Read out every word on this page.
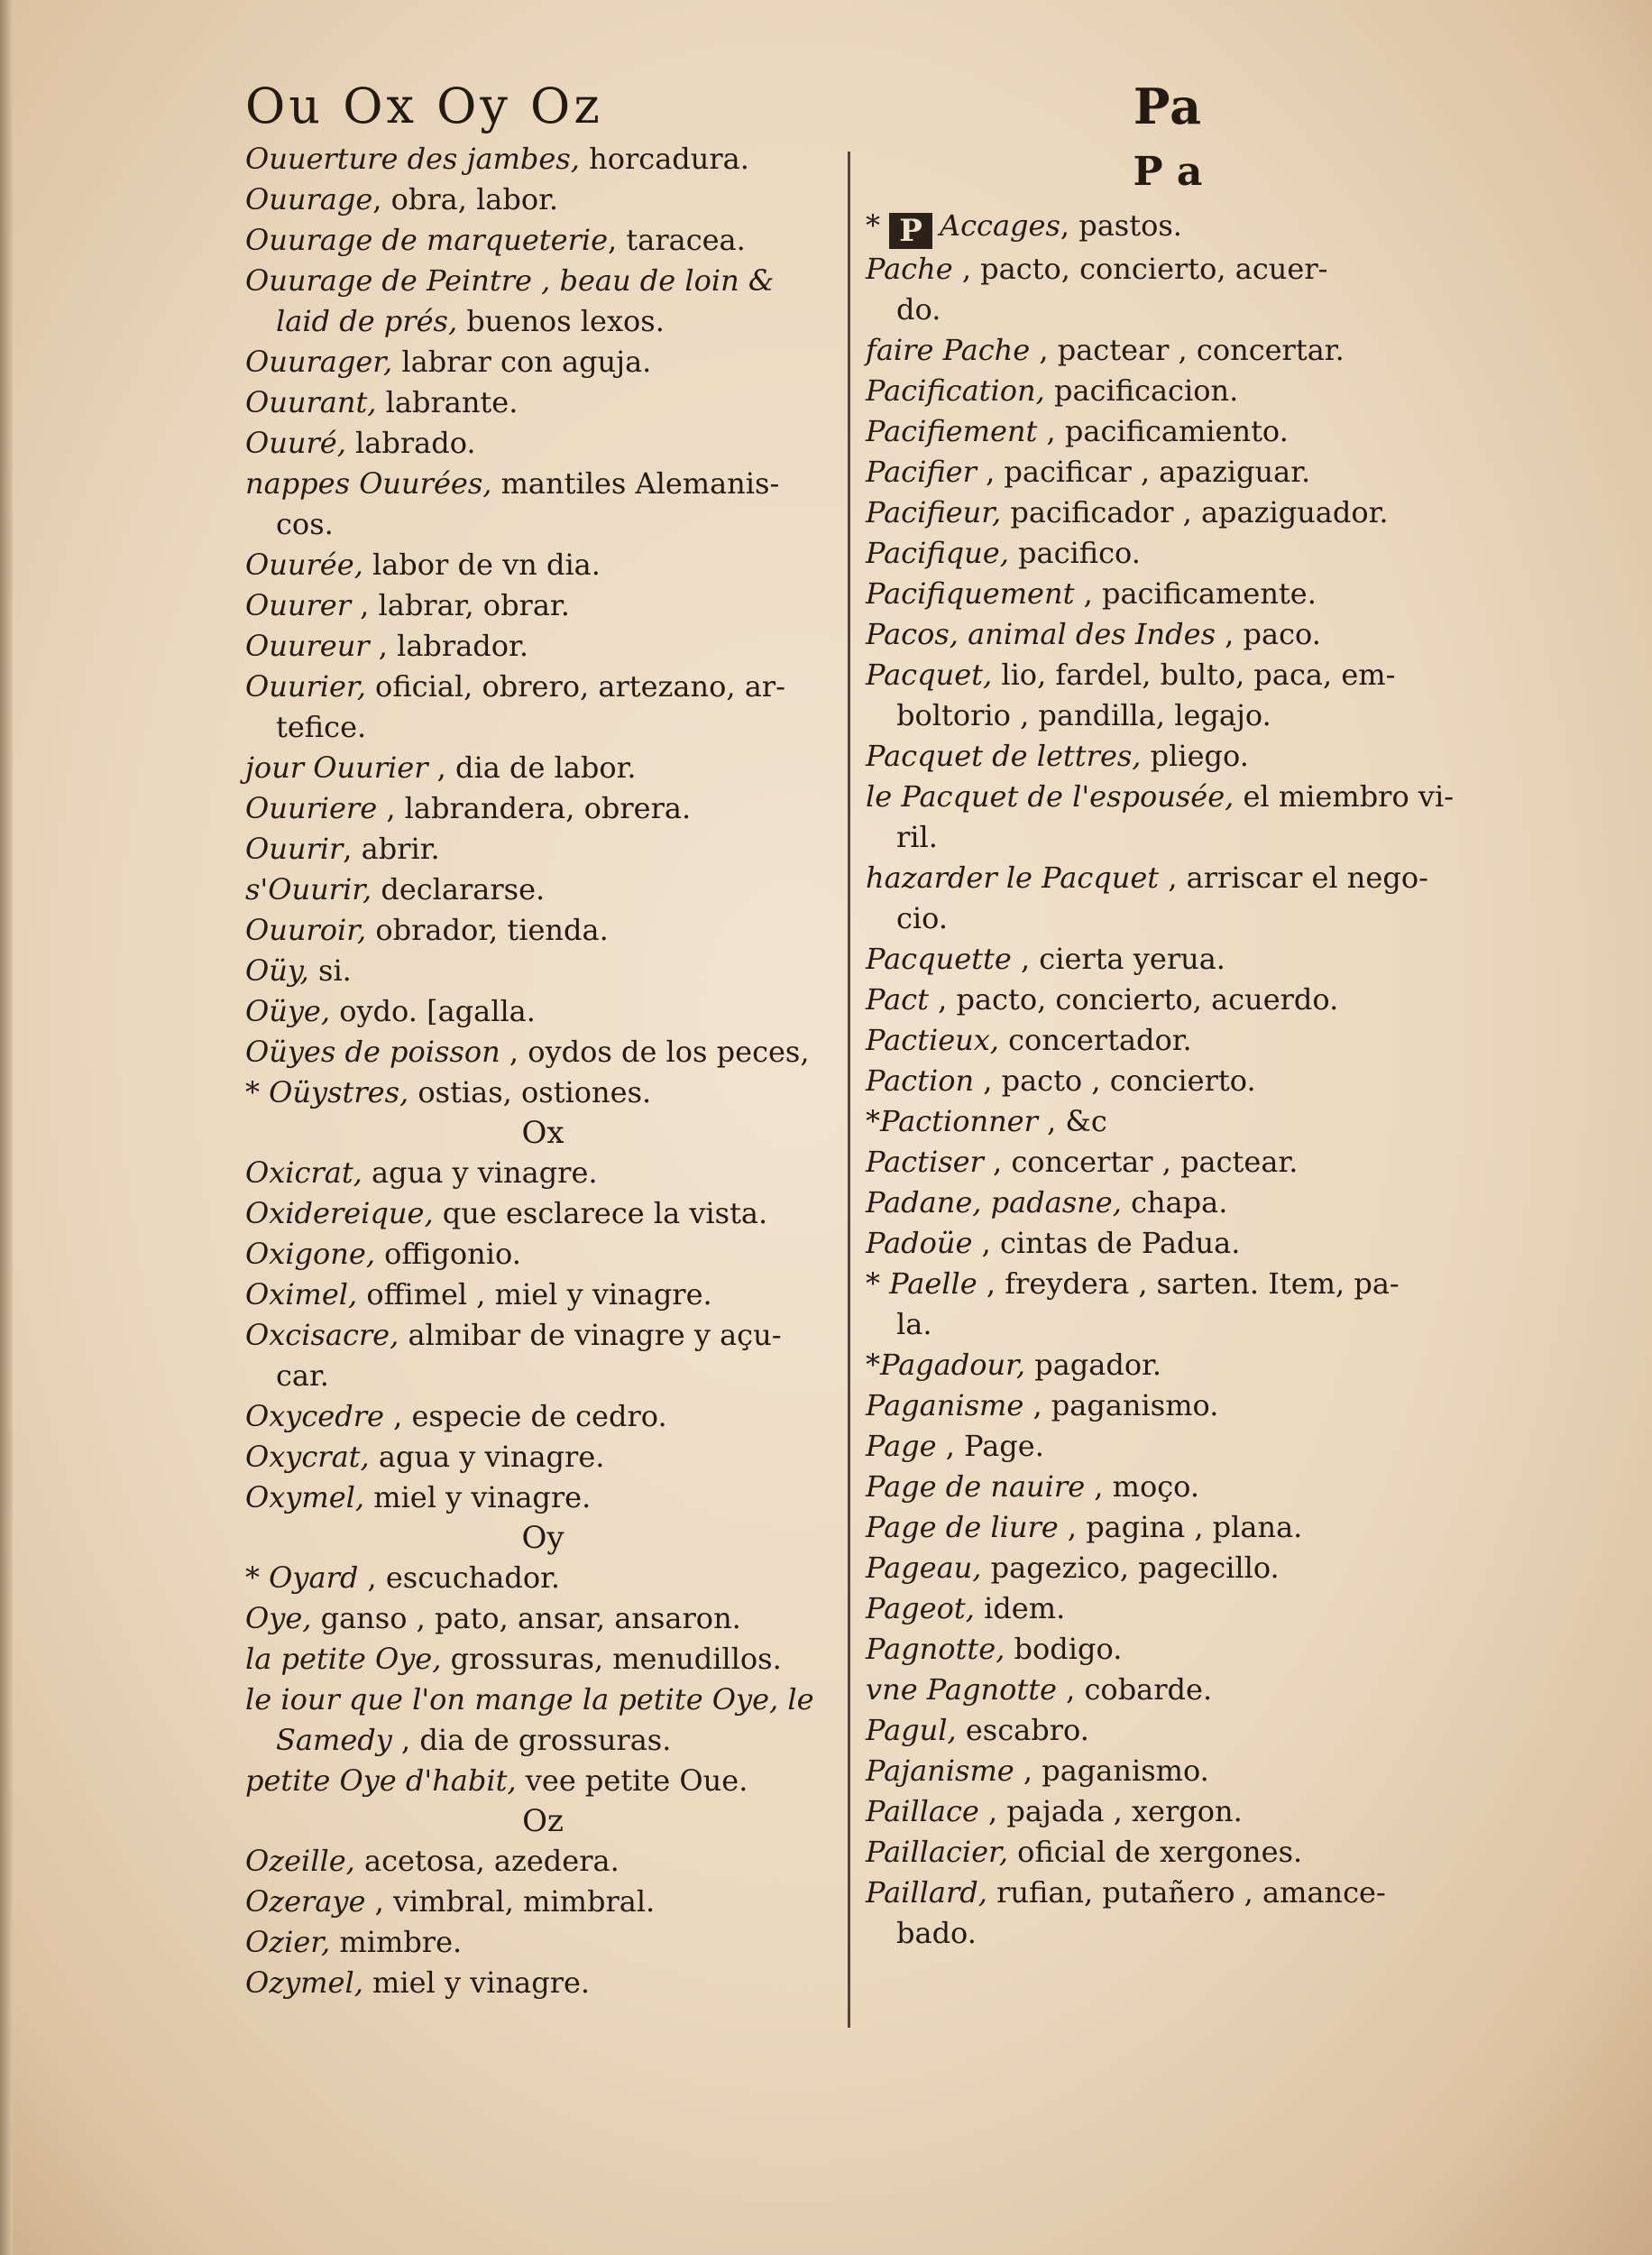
Ou Ox Oy Oz
Ouuerture des jambes, horcadura.
Ouurage, obra, labor.
Ouurage de marqueterie, taracea.
Ouurage de Peintre , beau de loin &
laid de prés, buenos lexos.
Ouurager, labrar con aguja.
Ouurant, labrante.
Ouuré, labrado.
nappes Ouurées, mantiles Alemanis-
cos.
Ouurée, labor de vn dia.
Ouurer , labrar, obrar.
Ouureur , labrador.
Ouurier, oficial, obrero, artezano, ar-
tefice.
jour Ouurier , dia de labor.
Ouuriere , labrandera, obrera.
Ouurir, abrir.
s'Ouurir, declararse.
Ouuroir, obrador, tienda.
Oüy, si.
Oüye, oydo. [agalla.
Oüyes de poisson , oydos de los peces,
* Oüystres, ostias, ostiones.
Ox
Oxicrat, agua y vinagre.
Oxidereique, que esclarece la vista.
Oxigone, offigonio.
Oximel, offimel , miel y vinagre.
Oxcisacre, almibar de vinagre y açu-
car.
Oxycedre , especie de cedro.
Oxycrat, agua y vinagre.
Oxymel, miel y vinagre.
Oy
* Oyard , escuchador.
Oye, ganso , pato, ansar, ansaron.
la petite Oye, grossuras, menudillos.
le iour que l'on mange la petite Oye, le
Samedy , dia de grossuras.
petite Oye d'habit, vee petite Oue.
Oz
Ozeille, acetosa, azedera.
Ozeraye , vimbral, mimbral.
Ozier, mimbre.
Ozymel, miel y vinagre.
Pa
P a
* P Accages, pastos.
Pache , pacto, concierto, acuer-
do.
faire Pache , pactear , concertar.
Pacification, pacificacion.
Pacifiement , pacificamiento.
Pacifier , pacificar , apaziguar.
Pacifieur, pacificador , apaziguador.
Pacifique, pacifico.
Pacifiquement , pacificamente.
Pacos, animal des Indes , paco.
Pacquet, lio, fardel, bulto, paca, em-
boltorio , pandilla, legajo.
Pacquet de lettres, pliego.
le Pacquet de l'espousée, el miembro vi-
ril.
hazarder le Pacquet , arriscar el nego-
cio.
Pacquette , cierta yerua.
Pact , pacto, concierto, acuerdo.
Pactieux, concertador.
Paction , pacto , concierto.
*Pactionner , &c
Pactiser , concertar , pactear.
Padane, padasne, chapa.
Padoüe , cintas de Padua.
* Paelle , freydera , sarten. Item, pa-
la.
*Pagadour, pagador.
Paganisme , paganismo.
Page , Page.
Page de nauire , moço.
Page de liure , pagina , plana.
Pageau, pagezico, pagecillo.
Pageot, idem.
Pagnotte, bodigo.
vne Pagnotte , cobarde.
Pagul, escabro.
Pajanisme , paganismo.
Paillace , pajada , xergon.
Paillacier, oficial de xergones.
Paillard, rufian, putañero , amance-
bado.
